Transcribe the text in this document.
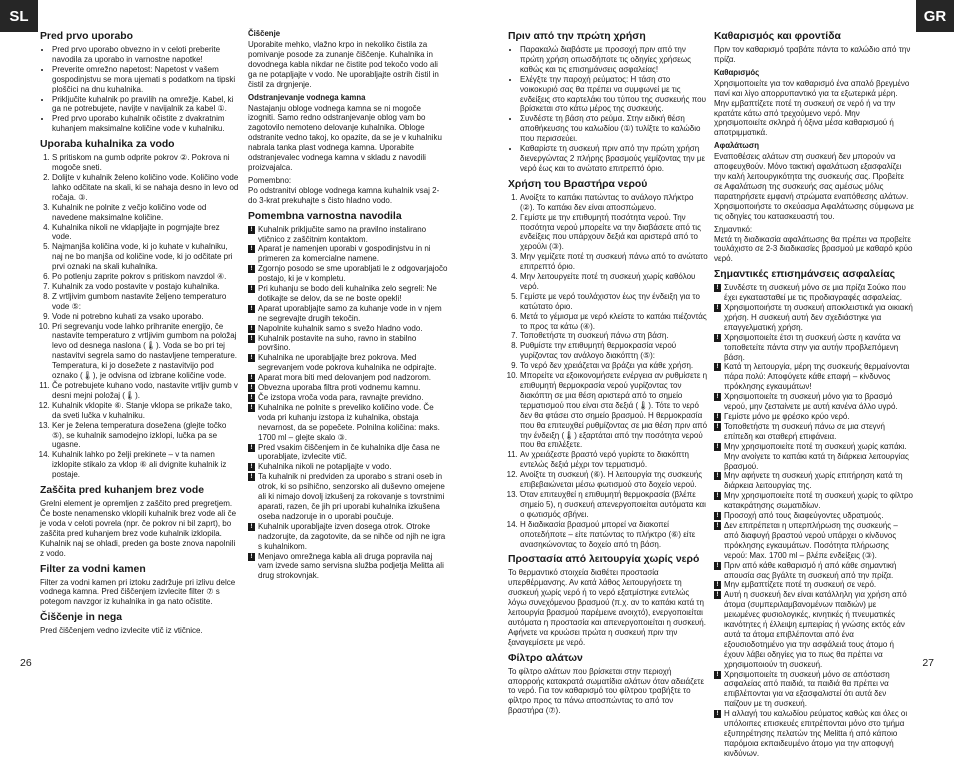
SL	GR
Pred prvo uporabo
• Pred prvo uporabo obvezno in v celoti preberite navodila za uporabo in varnostne napotke!
• Preverite omrežno napetost: Napetost v vašem gospodinjstvu se mora ujemati s podatkom na tipski ploščici na dnu kuhalnika.
• Priključite kuhalnik po pravilih na omrežje. Kabel, ki ga ne potrebujete, navijte v navijalnik za kabel ①.
• Pred prvo uporabo kuhalnik očistite z dvakratnim kuhanjem maksimalne količine vode v kuhalniku.
Uporaba kuhalnika za vodo
1. S pritiskom na gumb odprite pokrov ②. Pokrova ni mogoče sneti.
2. Dolijte v kuhalnik želeno količino vode. Količino vode lahko odčitate na skali, ki se nahaja desno in levo od ročaja. ③.
3. Kuhalnik ne polnite z večjo količino vode od navedene maksimalne količine.
4. Kuhalnika nikoli ne vklapljajte in pogrnjajte brez vode.
5. Najmanjša količina vode, ki jo kuhate v kuhalniku, naj ne bo manjša od količine vode, ki jo odčitate pri prvi oznaki na skali kuhalnika.
6. Po potlenju zaprite pokrov s pritiskom navzdol ④.
7. Kuhalnik za vodo postavite v postajo kuhalnika.
8. Z vrtljivim gumbom nastavite željeno temperaturo vode ⑤:
9. Vode ni potrebno kuhati za vsako uporabo.
10. Pri segrevanju vode lahko prihranite energijo, če nastavite temperaturo z vrtljivim gumbom na položaj levo od desnega naslona (🌡). Voda se bo pri tej nastavitvi segrela samo do nastavljene temperature. Temperatura, ki jo dosežete z nastavitvijo pod oznako (🌡), je odvisna od izbrane količine vode.
11. Če potrebujete kuhano vodo, nastavite vrtljiv gumb v desni mejni položaj (🌡).
12. Kuhalnik vklopite ⑥. Stanje vklopa se prikaže tako, da sveti lučka v kuhalniku.
13. Ker je želena temperatura dosežena (glejte točko ⑤), se kuhalnik samodejno izklopi, lučka pa se ugasne.
14. Kuhalnik lahko po želji prekinete – v ta namen izklopite stikalo za vklop ⑥ ali dvignite kuhalnik iz postaje.
Zaščita pred kuhanjem brez vode

Grelni element je opremljen z zaščito pred pregretjem. Če boste nenamensko vklopili kuhalnik brez vode ali če je voda v celoti povrela (npr. če pokrov ni bil zaprt), bo zaščita pred kuhanjem brez vode kuhalnik izklopila. Kuhalnik naj se ohladi, preden ga boste znova napolnili z vodo.

Filter za vodni kamen

Filter za vodni kamen pri iztoku zadržuje pri izlivu delce vodnega kamna. Pred čiščenjem izvlecite filter ⑦ s potegom navzgor iz kuhalnika in ga nato očistite.

Čiščenje in nega

Pred čiščenjem vedno izvlecite vtič iz vtičnice.

Čiščenje

Uporabite mehko, vlažno krpo in nekoliko čistila za pomivanje posode za zunanje čiščenje. Kuhalnika in dovodnega kabla nikdar ne čistite pod tekočo vodo ali ga ne potapljajte v vodo. Ne uporabljajte ostrih čistil in čistil za drgnjenje.

Odstranjevanje vodnega kamna

Nastajanju obloge vodnega kamna se ni mogoče izogniti. Samo redno odstranjevanje oblog vam bo zagotovilo nemoteno delovanje kuhalnika. Obloge odstranite vedno takoj, ko opazite, da se je v kuhalniku nabrala tanka plast vodnega kamna. Uporabite odstranjevalec vodnega kamna v skladu z navodili proizvajalca.

Pomembno:

Po odstranitvi obloge vodnega kamna kuhalnik vsaj 2- do 3-krat prekuhajte s čisto hladno vodo.

Pomembna varnostna navodila
! Kuhalnik priključite samo na pravilno instalirano vtičnico z zaščitnim kontaktom.
! Aparat je namenjen uporabi v gospodinjstvu in ni primeren za komercialne namene.
! Zgornjo posodo se sme uporabljati le z odgovarjajočo postajo, ki je v kompletu.
! Pri kuhanju se bodo deli kuhalnika zelo segreli: Ne dotikajte se delov, da se ne boste opekli!
! Aparat uporabljajte samo za kuhanje vode in v njem ne segrevajte drugih tekočin.
! Napolnite kuhalnik samo s svežo hladno vodo.
! Kuhalnik postavite na suho, ravno in stabilno površino.
! Kuhalnika ne uporabljajte brez pokrova. Med segrevanjem vode pokrova kuhalnika ne odpirajte.
! Aparat mora biti med delovanjem pod nadzorom.
! Obvezna uporaba filtra proti vodnemu kamnu.
! Če izstopa vroča voda para, ravnajte previdno.
! Kuhalnika ne polnite s preveliko količino vode. Če voda pri kuhanju izstopa iz kuhalnika, obstaja nevarnost, da se popečete. Polnilna količina: maks. 1700 ml – glejte skalo ③.
! Pred vsakim čiščenjem in če kuhalnika dlje časa ne uporabljate, izvlecite vtič.
! Kuhalnika nikoli ne potapljajte v vodo.
! Ta kuhalnik ni predviden za uporabo s strani oseb in otrok, ki so psihično, senzorsko ali duševno omejene ali ki nimajo dovolj izkušenj za rokovanje s tovrstnimi aparati, razen, če jih pri uporabi kuhalnika izkušena oseba nadzoruje in o uporabi poučuje.
! Kuhalnik uporabljajte izven dosega otrok. Otroke nadzorujte, da zagotovite, da se nihče od njih ne igra s kuhalnikom.
! Menjavo omrežnega kabla ali druga popravila naj vam izvede samo servisna služba podjetja Melitta ali drug strokovnjak.
Πριν από την πρώτη χρήση
• Παρακαλώ διαβάστε με προσοχή πριν από την πρώτη χρήση οπωσδήποτε τις οδηγίες χρήσεως καθώς και τις επισημάνσεις ασφαλείας!
• Ελέγξτε την παροχή ρεύματος: Η τάση στο νοικοκυριό σας θα πρέπει να συμφωνεί με τις ενδείξεις στο καρτελάκι του τύπου της συσκευής που βρίσκεται στο κάτω μέρος της συσκευής.
• Συνδέστε τη βάση στο ρεύμα. Στην ειδική θέση αποθήκευσης του καλωδίου (①) τυλίξτε το καλώδιο που περισσεύει.
• Καθαρίστε τη συσκευή πριν από την πρώτη χρήση διενεργώντας 2 πλήρης βρασμούς γεμίζοντας την με νερό έως και το ανώτατο επιτρεπτό όριο.
Χρήση του Βραστήρα νερού
1. Ανοίξτε το καπάκι πατώντας το ανάλογο πλήκτρο (②). Το καπάκι δεν είναι αποσπώμενο.
2. Γεμίστε με την επιθυμητή ποσότητα νερού. Την ποσότητα νερού μπορείτε να την διαβάσετε από τις ενδείξεις που υπάρχουν δεξιά και αριστερά από το χερούλι (③).
3. Μην γεμίζετε ποτέ τη συσκευή πάνω από το ανώτατο επιτρεπτό όριο.
4. Μην λειτουργείτε ποτέ τη συσκευή χωρίς καθόλου νερό.
5. Γεμίστε με νερό τουλάχιστον έως την ένδειξη για το κατώτατο όριο.
6. Μετά το γέμισμα με νερό κλείστε το καπάκι πιέζοντάς το προς τα κάτω (④).
7. Τοποθετήστε τη συσκευή πάνω στη βάση.
8. Ρυθμίστε την επιθυμητή θερμοκρασία νερού γυρίζοντας τον ανάλογο διακόπτη (⑤):
9. Το νερό δεν χρειάζεται να βράζει για κάθε χρήση.
10. Μπορείτε να εξοικονομήσετε ενέργεια αν ρυθμίσετε η επιθυμητή θερμοκρασία νερού γυρίζοντας τον διακόπτη σε μια θέση αριστερά από το σημείο τερματισμού που είναι στα δεξιά (🌡). Τότε το νερό δεν θα φτάσει στο σημείο βρασμού. Η θερμοκρασία που θα επιτευχθεί ρυθμίζοντας σε μια θέση πριν από την ένδειξη (🌡) εξαρτάται από την ποσότητα νερού που θα επιλέξετε.
11. Αν χρειάζεστε βραστό νερό γυρίστε το διακόπτη εντελώς δεξιά μέχρι τον τερματισμό.
12. Ανοίξτε τη συσκευή (⑥). Η λειτουργία της συσκευής επιβεβαιώνεται μέσω φωτισμού στο δοχείο νερού.
13. Όταν επιτευχθεί η επιθυμητή θερμοκρασία (βλέπε σημείο 5), η συσκευή απενεργοποιείται αυτόματα και ο φωτισμός σβήνει.
14. Η διαδικασία βρασμού μπορεί να διακοπεί οποτεδήποτε – είτε πατώντας το πλήκτρο (⑥) είτε ανασηκώνοντας το δοχείο από τη βάση.
Προστασία από λειτουργία χωρίς νερό

Το θερμαντικό στοιχεία διαθέτει προστασία υπερθέρμανσης. Αν κατά λάθος λειτουργήσετε τη συσκευή χωρίς νερό ή το νερό εξατμίστηκε εντελώς λόγω συνεχόμενου βρασμού (π.χ. αν το καπάκι κατά τη λειτουργία βρασμού παρέμεινε ανοιχτό), ενεργοποιείται αυτόματα η προστασία και απενεργοποιείται η συσκευή. Αφήνετε να κρυώσει πρώτα η συσκευή πριν την ξαναγεμίσετε με νερό.

Φίλτρο αλάτων

Το φίλτρο αλάτων που βρίσκεται στην περιοχή απορροής κατακρατά σωματίδια αλάτων όταν αδειάζετε το νερό. Για τον καθαρισμό του φίλτρου τραβήξτε το φίλτρο προς τα πάνω αποσπώντας το από τον βραστήρα (⑦).

Καθαρισμός και φροντίδα

Πριν τον καθαρισμό τραβάτε πάντα το καλώδιο από την πρίζα.

Καθαρισμός

Χρησιμοποιείτε για τον καθαρισμό ένα απαλό βρεγμένο πανί και λίγο απορρυπαντικό για τα εξωτερικά μέρη. Μην εμβαπτίζετε ποτέ τη συσκευή σε νερό ή να την κρατάτε κάτω από τρεχούμενο νερό. Μην χρησιμοποιείτε σκληρά ή όξινα μέσα καθαρισμού ή αποτριμματικά.

Αφαλάτωση

Εναποθέσεις αλάτων στη συσκευή δεν μπορούν να αποφευχθούν. Μόνο τακτική αφαλάτωση εξασφαλίζει την καλή λειτουργικότητα της συσκευής σας. Προβείτε σε Αφαλάτωση της συσκευής σας αμέσως μόλις παρατηρήσετε εμφανή στρώματα εναπόθεσης αλάτων. Χρησιμοποιήστε το σκεύασμα Αφαλάτωσης σύμφωνα με τις οδηγίες του κατασκευαστή του.

Σημαντικό:

Μετά τη διαδικασία αφαλάτωσης θα πρέπει να προβείτε τουλάχιστο σε 2-3 διαδικασίες βρασμού με καθαρό κρύο νερό.

Σημαντικές επισημάνσεις ασφαλείας
! Συνδέστε τη συσκευή μόνο σε μια πρίζα Σούκο που έχει εγκατασταθεί με τις προδιαγραφές ασφαλείας.
! Χρησιμοποιήστε τη συσκευή αποκλειστικά για οικιακή χρήση. Η συσκευή αυτή δεν σχεδιάστηκε για επαγγελματική χρήση.
! Χρησιμοποιείτε έτσι τη συσκευή ώστε η κανάτα να τοποθετείτε πάντα στην για αυτήν προβλεπόμενη βάση.
! Κατά τη λειτουργία, μέρη της συσκευής θερμαίνονται πάρα πολύ: Αποφύγετε κάθε επαφή – κίνδυνος πρόκλησης εγκαυμάτων!
! Χρησιμοποιείτε τη συσκευή μόνο για το βρασμό νερού, μην ζεσταίνετε με αυτή κανένα άλλο υγρό.
! Γεμίστε μόνο με φρέσκο κρύο νερό.
! Τοποθετήστε τη συσκευή πάνω σε μια στεγνή επίπεδη και σταθερή επιφάνεια.
! Μην χρησιμοποιείτε ποτέ τη συσκευή χωρίς καπάκι. Μην ανοίγετε το καπάκι κατά τη διάρκεια λειτουργίας βρασμού.
! Μην αφήνετε τη συσκευή χωρίς επιτήρηση κατά τη διάρκεια λειτουργίας της.
! Μην χρησιμοποιείτε ποτέ τη συσκευή χωρίς το φίλτρο κατακράτησης σωματιδίων.
! Προσοχή από τους διαφεύγοντες υδρατμούς.
! Δεν επιτρέπεται η υπερπλήρωση της συσκευής – από διαφυγή βραστού νερού υπάρχει ο κίνδυνος πρόκλησης εγκαυμάτων. Ποσότητα πλήρωσης νερού: Max. 1700 ml – βλέπε ενδείξεις (③).
! Πριν από κάθε καθαρισμό ή από κάθε σημαντική απουσία σας βγάλτε τη συσκευή από την πρίζα.
! Μην εμβαπτίζετε ποτέ τη συσκευή σε νερό.
! Αυτή η συσκευή δεν είναι κατάλληλη για χρήση από άτομα (συμπεριλαμβανομένων παιδιών) με μειωμένες φυσιολογικές, κινητικές ή πνευματικές ικανότητες ή έλλειψη εμπειρίας ή γνώσης εκτός εάν αυτά τα άτομα επιβλέπονται από ένα εξουσιοδοτημένο για την ασφάλειά τους άτομο ή έχουν λάβει οδηγίες για το πως θα πρέπει να χρησιμοποιούν τη συσκευή.
! Χρησιμοποιείτε τη συσκευή μόνο σε απόσταση ασφαλείας από παιδιά, τα παιδιά θα πρέπει να επιβλέπονται για να εξασφαλιστεί ότι αυτά δεν παίζουν με τη συσκευή.
! Η αλλαγή του καλωδίου ρεύματος καθώς και όλες οι υπόλοιπες επισκευές επιτρέπονται μόνο στο τμήμα εξυπηρέτησης πελατών της Melitta ή από κάποιο παρόμοια εκπαιδευμένο άτομο για την αποφυγή κινδύνων.
26	27
